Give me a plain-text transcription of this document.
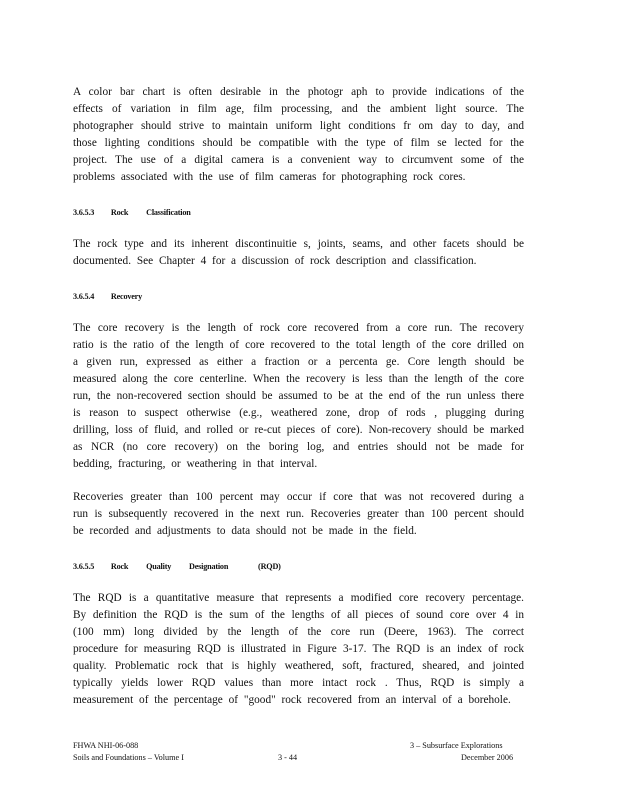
A color bar chart is often desirable in the photogr aph to provide indications of the effects of variation in film age, film processing, and the ambient light source. The photographer should strive to maintain uniform light conditions fr om day to day, and those lighting conditions should be compatible with the type of film se lected for the project. The use of a digital camera is a convenient way to circumvent some of the problems associated with the use of film cameras for photographing rock cores.

3.6.5.3 Rock Classification

The rock type and its inherent discontinuitie s, joints, seams, and other facets should be documented. See Chapter 4 for a discussion of rock description and classification.

3.6.5.4 Recovery

The core recovery is the length of rock core recovered from a core run. The recovery ratio is the ratio of the length of core recovered to the total length of the core drilled on a given run, expressed as either a fraction or a percenta ge. Core length should be measured along the core centerline. When the recovery is less than the length of the core run, the non-recovered section should be assumed to be at the end of the run unless there is reason to suspect otherwise (e.g., weathered zone, drop of rods , plugging during drilling, loss of fluid, and rolled or re-cut pieces of core). Non-recovery should be marked as NCR (no core recovery) on the boring log, and entries should not be made for bedding, fracturing, or weathering in that interval.

Recoveries greater than 100 percent may occur if core that was not recovered during a run is subsequently recovered in the next run. Recoveries greater than 100 percent should be recorded and adjustments to data should not be made in the field.

3.6.5.5 Rock Quality Designation	(RQD)

The RQD is a quantitative measure that represents a modified core recovery percentage. By definition the RQD is the sum of the lengths of all pieces of sound core over 4 in (100 mm) long divided by the length of the core run (Deere, 1963). The correct procedure for measuring RQD is illustrated in Figure 3-17. The RQD is an index of rock quality. Problematic rock that is highly weathered, soft, fractured, sheared, and jointed typically yields lower RQD values than more intact rock . Thus, RQD is simply a measurement of the percentage of "good" rock recovered from an interval of a borehole.

FHWA NHI-06-088
Soils and Foundations – Volume I	3 - 44
3 – Subsurface Explorations
December 2006
